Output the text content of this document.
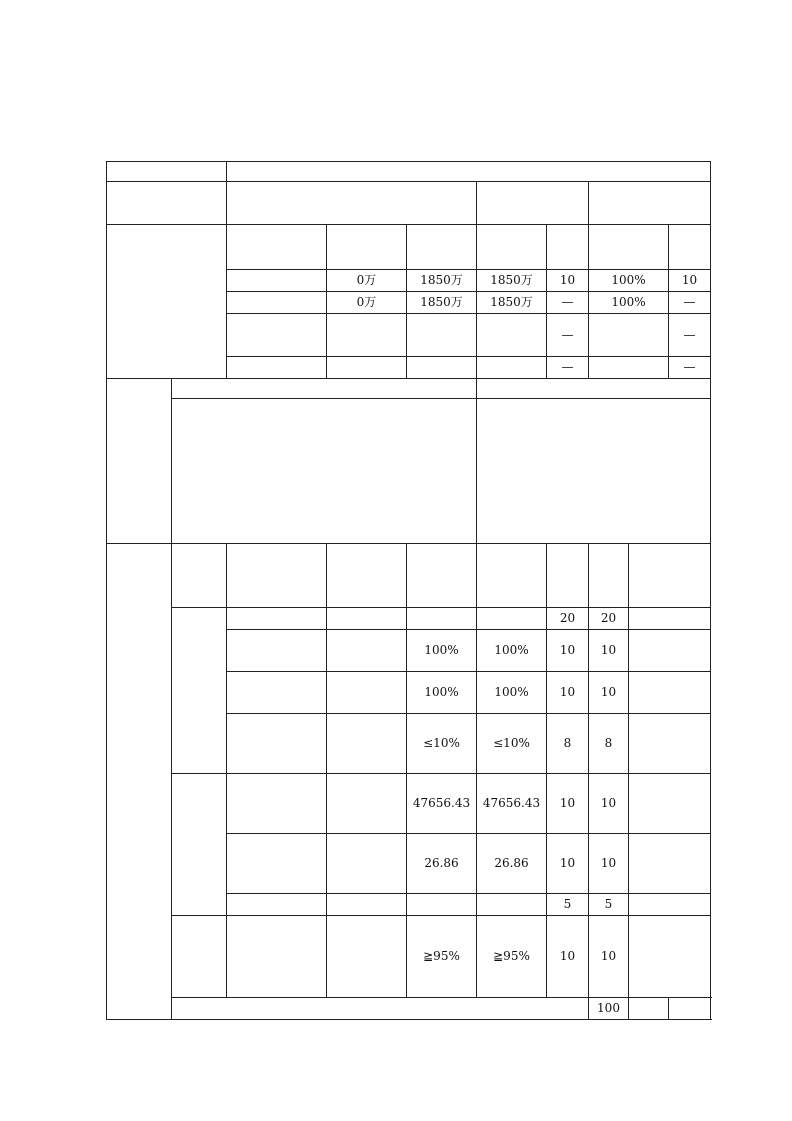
			0万	1850万	1850万	10	100%		10
			0万	1850万	1850万	—	100%		—
						—			—
						—			—

						20	20		
				100%	100%	10	10		
				100%	100%	10	10		
				≤10%	≤10%	8	8		
				47656.43	47656.43	10	10		
				26.86	26.86	10	10		
						5	5		
				≧95%	≧95%	10	10		

							100		
